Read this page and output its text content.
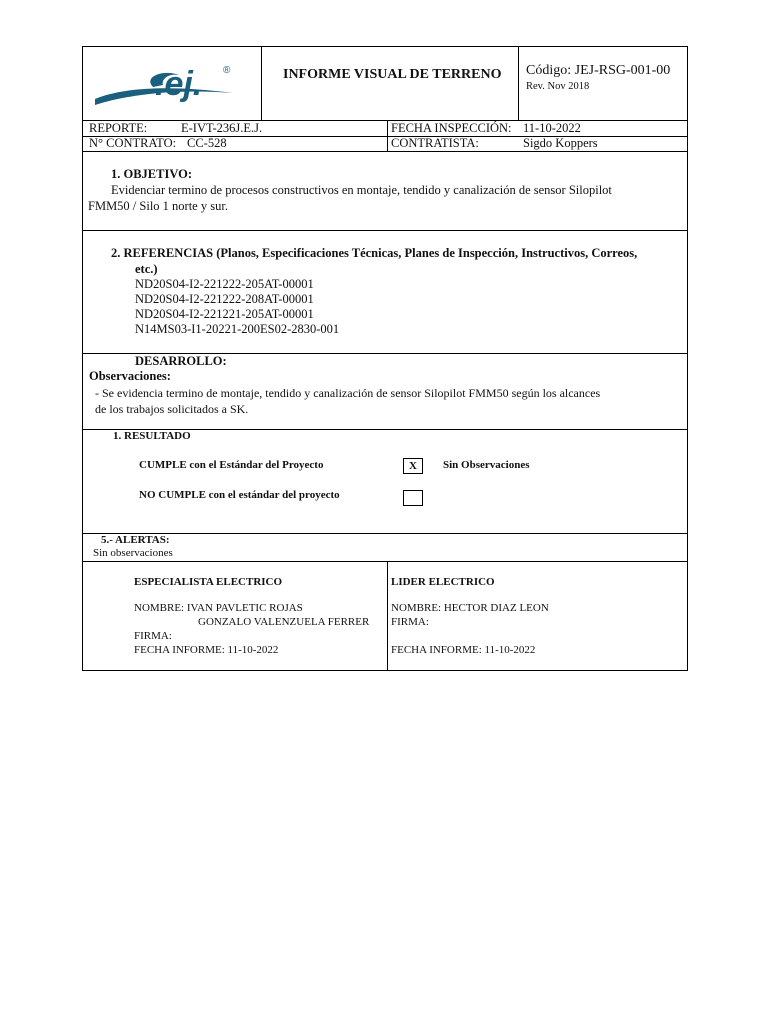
.ej. ®	INFORME VISUAL DE TERRENO Código: JEJ-RSG-001-00
Rev. Nov 2018
REPORTE:	E-IVT-236J.E.J.	FECHA INSPECCIÓN: 11-10-2022
N° CONTRATO: CC-528	CONTRATISTA:	Sigdo Koppers
1. OBJETIVO:
Evidenciar termino de procesos constructivos en montaje, tendido y canalización de sensor Silopilot
FMM50 / Silo 1 norte y sur.
2. REFERENCIAS (Planos, Especificaciones Técnicas, Planes de Inspección, Instructivos, Correos,
etc.)
ND20S04-I2-221222-205AT-00001
ND20S04-I2-221222-208AT-00001
ND20S04-I2-221221-205AT-00001
N14MS03-I1-20221-200ES02-2830-001
DESARROLLO:
Observaciones:
- Se evidencia termino de montaje, tendido y canalización de sensor Silopilot FMM50 según los alcances
de los trabajos solicitados a SK.
1. RESULTADO
CUMPLE con el Estándar del Proyecto	X	Sin Observaciones
NO CUMPLE con el estándar del proyecto
5.- ALERTAS:
Sin observaciones
ESPECIALISTA ELECTRICO
NOMBRE: IVAN PAVLETIC ROJAS
GONZALO VALENZUELA FERRER
FIRMA:
FECHA INFORME: 11-10-2022
LIDER ELECTRICO
NOMBRE: HECTOR DIAZ LEON
FIRMA:
FECHA INFORME: 11-10-2022
